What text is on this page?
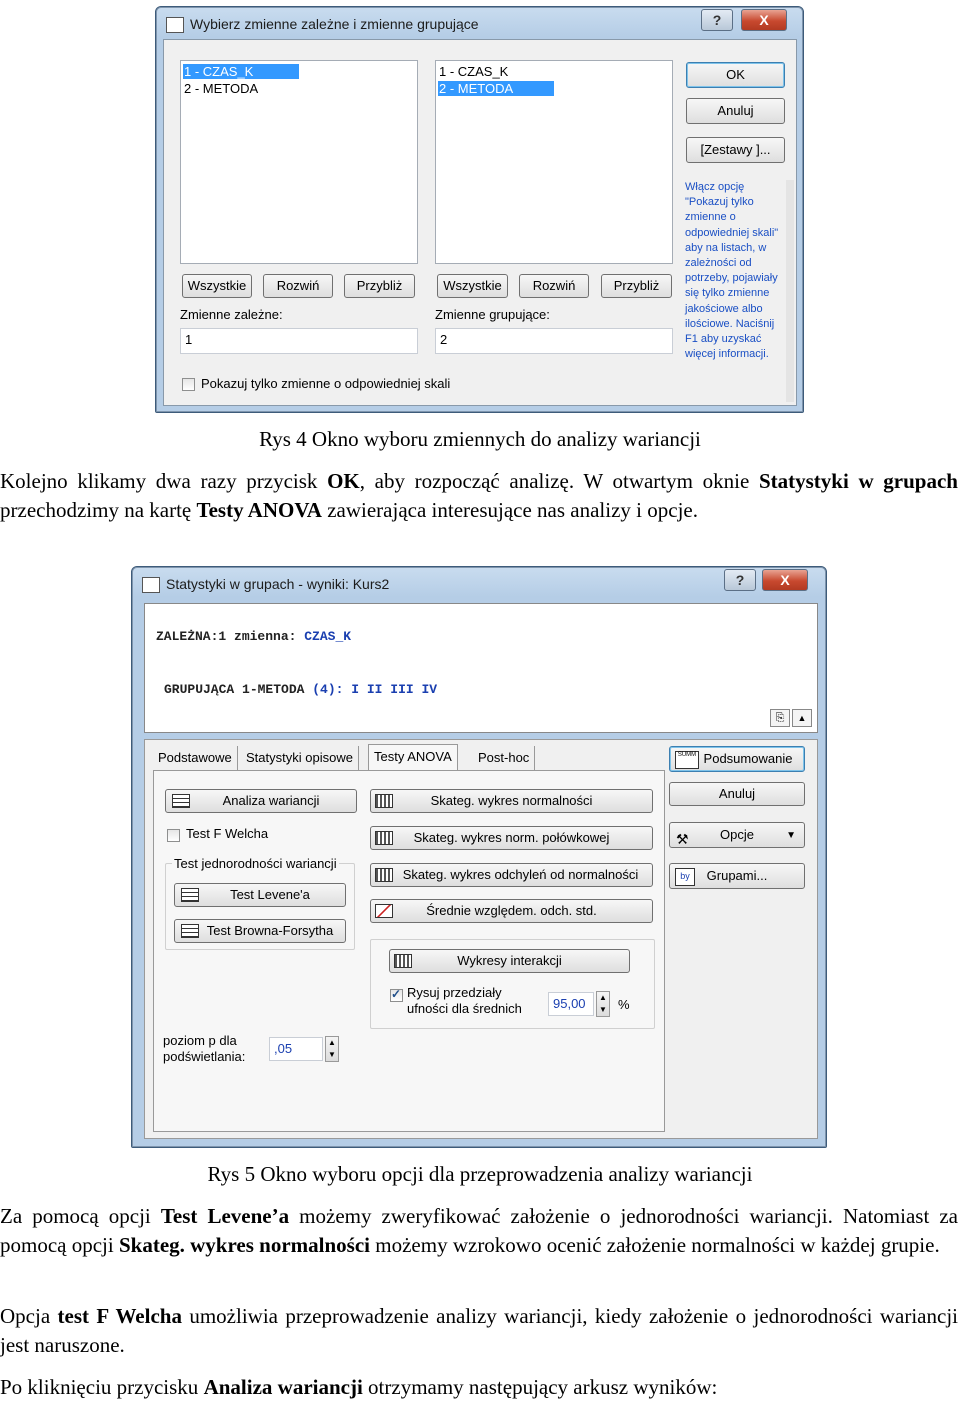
Wybierz zmienne zależne i zmienne grupujące	?	X
1 - CZAS_K
2 - METODA
1 - CZAS_K
2 - METODA
Wszystkie	Rozwiń	Przybliż	Wszystkie	Rozwiń	Przybliż
Zmienne zależne:	Zmienne grupujące:
1	2
Pokazuj tylko zmienne o odpowiedniej skali
OK
Anuluj
[Zestawy ]...
Włącz opcję
"Pokazuj tylko
zmienne o
odpowiedniej skali"
aby na listach, w
zależności od
potrzeby, pojawiały
się tylko zmienne
jakościowe albo
ilościowe. Naciśnij
F1 aby uzyskać
więcej informacji.
Rys 4 Okno wyboru zmiennych do analizy wariancji
Kolejno klikamy dwa razy przycisk OK, aby rozpocząć analizę. W otwartym oknie Statystyki w grupach przechodzimy na kartę Testy ANOVA zawierająca interesujące nas analizy i opcje.
Statystyki w grupach - wyniki: Kurs2	?	X
ZALEŻNA:1 zmienna: CZAS_K
GRUPUJĄCA 1-METODA (4): I II III IV
⎘	▲
Podstawowe	Statystyki opisowe	Testy ANOVA	Post-hoc
Analiza wariancji
Test F Welcha
Test jednorodności wariancji
Test Levene'a
Test Browna-Forsytha
poziom p dla
podświetlania:
,05	▲
▼
Skateg. wykres normalności
Skateg. wykres norm. połówkowej
Skateg. wykres odchyleń od normalności
Średnie względem. odch. std.
Wykresy interakcji
✓
Rysuj przedziały
ufności dla średnich	95,00	▲
▼ %
SUMM Podsumowanie
Anuluj
⚒ Opcje	▼
by	Grupami...
Rys 5 Okno wyboru opcji dla przeprowadzenia analizy wariancji
Za pomocą opcji Test Levene’a możemy zweryfikować założenie o jednorodności wariancji. Natomiast za pomocą opcji Skateg. wykres normalności możemy wzrokowo ocenić założenie normalności w każdej grupie.
Opcja test F Welcha umożliwia przeprowadzenie analizy wariancji, kiedy założenie o jednorodności wariancji jest naruszone.
Po kliknięciu przycisku Analiza wariancji otrzymamy następujący arkusz wyników:
